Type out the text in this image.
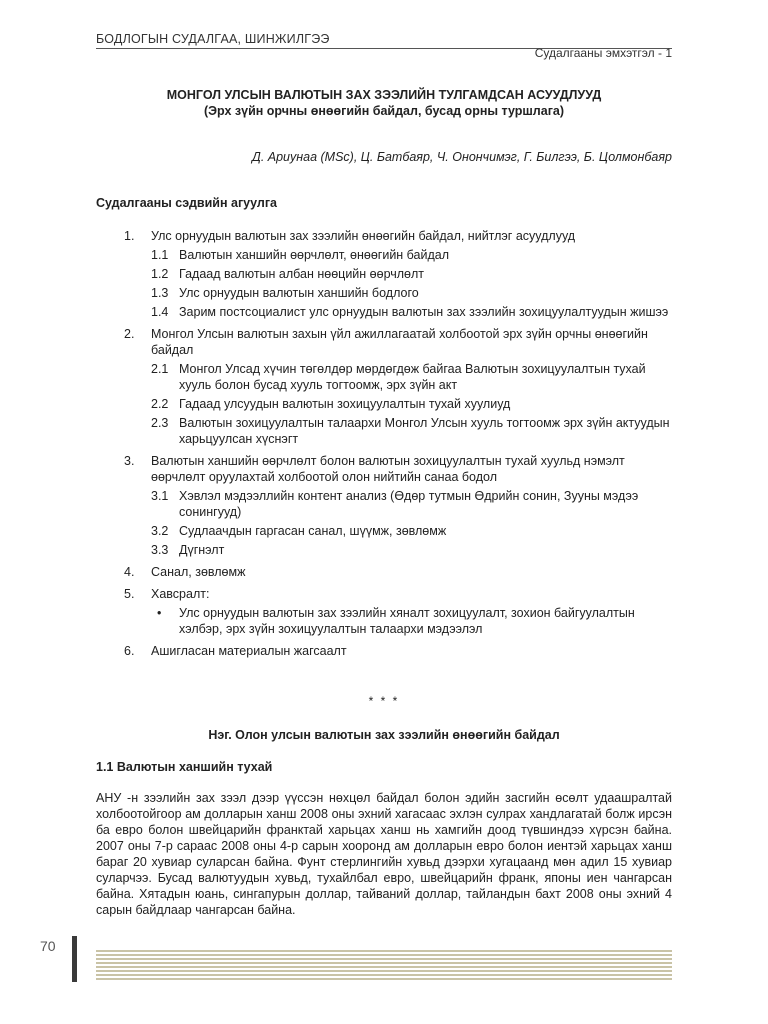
БОДЛОГЫН СУДАЛГАА, ШИНЖИЛГЭЭ
Судалгааны эмхэтгэл - 1
МОНГОЛ УЛСЫН ВАЛЮТЫН ЗАХ ЗЭЭЛИЙН ТУЛГАМДСАН АСУУДЛУУД
(Эрх зүйн орчны өнөөгийн байдал, бусад орны туршлага)
Д. Ариунаа (MSc), Ц. Батбаяр, Ч. Онончимэг, Г. Билгээ, Б. Цолмонбаяр
Судалгааны сэдвийн агуулга
1.	Улс орнуудын валютын зах зээлийн өнөөгийн байдал, нийтлэг асуудлууд
1.1 Валютын ханшийн өөрчлөлт, өнөөгийн байдал
1.2 Гадаад валютын албан нөөцийн өөрчлөлт
1.3 Улс орнуудын валютын ханшийн бодлого
1.4 Зарим постсоциалист улс орнуудын валютын зах зээлийн зохицуулалтуудын жишээ
2.	Монгол Улсын валютын захын үйл ажиллагаатай холбоотой эрх зүйн орчны өнөөгийн байдал
2.1 Монгол Улсад хүчин төгөлдөр мөрдөгдөж байгаа Валютын зохицуулалтын тухай хууль болон бусад хууль тогтоомж, эрх зүйн акт
2.2 Гадаад улсуудын валютын зохицуулалтын тухай хуулиуд
2.3 Валютын зохицуулалтын талаархи Монгол Улсын хууль тогтоомж эрх зүйн актуудын харьцуулсан хүснэгт
3.	Валютын ханшийн өөрчлөлт болон валютын зохицуулалтын тухай хуульд нэмэлт өөрчлөлт оруулахтай холбоотой олон нийтийн санаа бодол
3.1 Хэвлэл мэдээллийн контент анализ (Өдөр тутмын Өдрийн сонин, Зууны мэдээ сонингууд)
3.2 Судлаачдын гаргасан санал, шүүмж, зөвлөмж
3.3 Дүгнэлт
4.	Санал, зөвлөмж
5.	Хавсралт:
•	Улс орнуудын валютын зах зээлийн хяналт зохицуулалт, зохион байгуулалтын хэлбэр, эрх зүйн зохицуулалтын талаархи мэдээлэл
6.	Ашигласан материалын жагсаалт
* * *
Нэг. Олон улсын валютын зах зээлийн өнөөгийн байдал
1.1 Валютын ханшийн тухай
АНУ -н зээлийн зах зээл дээр үүссэн нөхцөл байдал болон эдийн засгийн өсөлт удаашралтай холбоотойгоор ам долларын ханш 2008 оны эхний хагасаас эхлэн сулрах хандлагатай болж ирсэн ба евро болон швейцарийн франктай харьцах ханш нь хамгийн доод түвшиндээ хүрсэн байна. 2007 оны 7-р сараас 2008 оны 4-р сарын хооронд ам долларын евро болон иентэй харьцах ханш бараг 20 хувиар суларсан байна. Фунт стерлингийн хувьд дээрхи хугацаанд мөн адил 15 хувиар суларчээ. Бусад валютуудын хувьд, тухайлбал евро, швейцарийн франк, японы иен чангарсан байна. Хятадын юань, сингапурын доллар, тайваний доллар, тайландын бахт 2008 оны эхний 4 сарын байдлаар чангарсан байна.
70
